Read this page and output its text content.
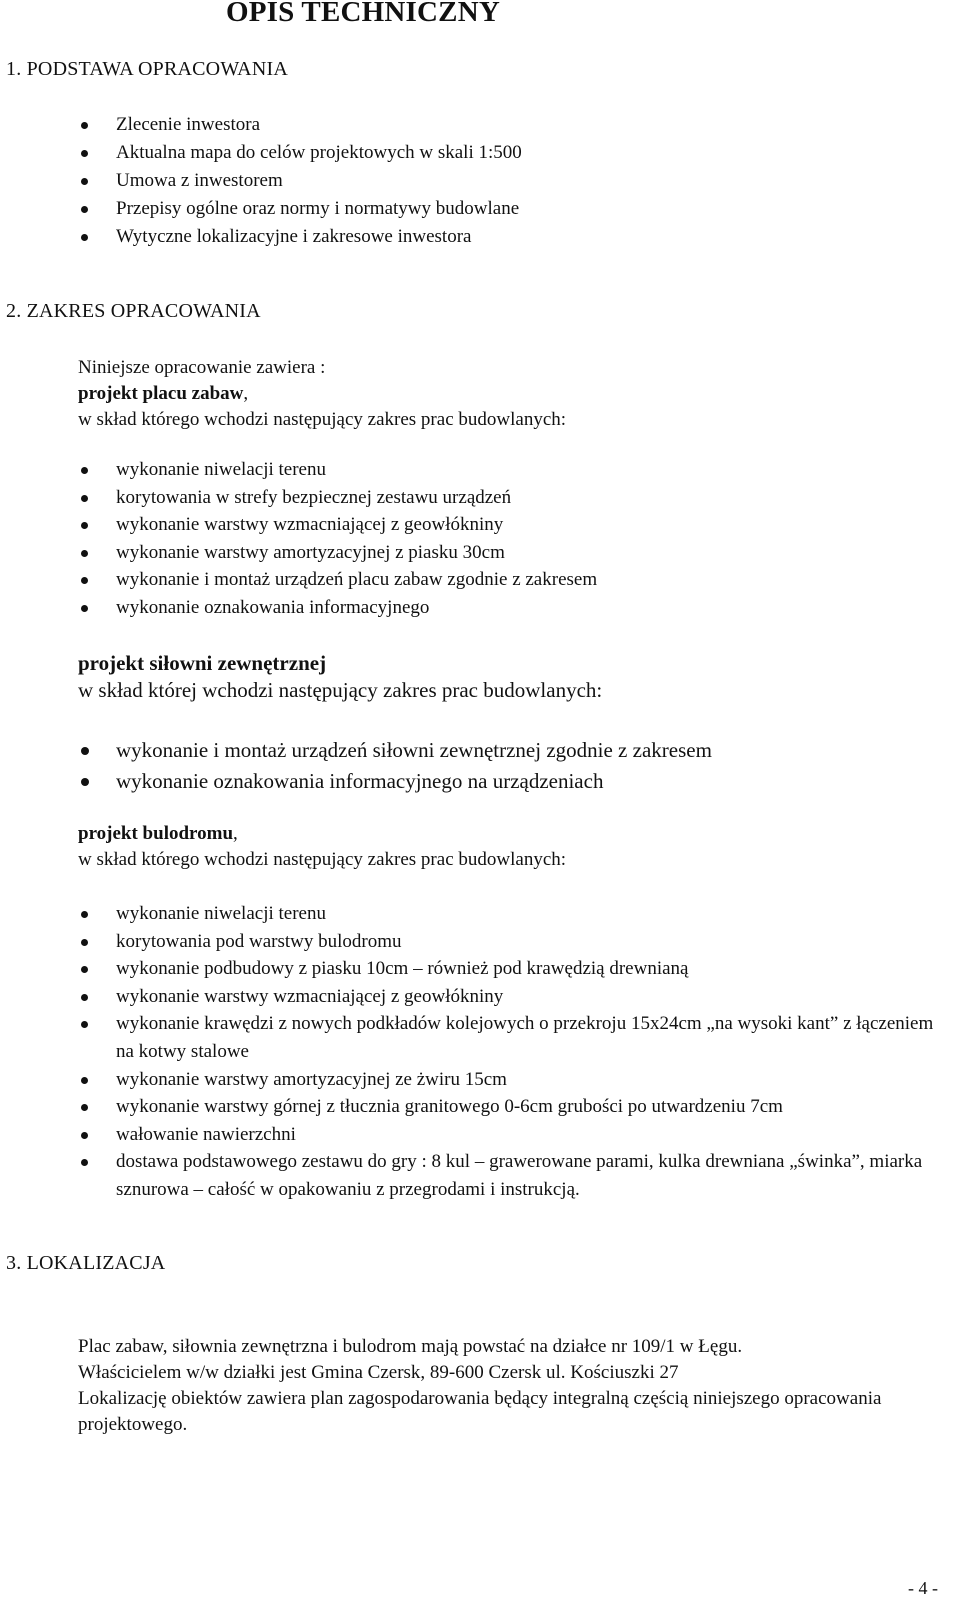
OPIS TECHNICZNY
1. PODSTAWA OPRACOWANIA
Zlecenie inwestora
Aktualna mapa do celów projektowych w skali 1:500
Umowa z inwestorem
Przepisy ogólne oraz normy i normatywy budowlane
Wytyczne lokalizacyjne i zakresowe inwestora
2. ZAKRES OPRACOWANIA
Niniejsze opracowanie zawiera :
projekt placu zabaw,
w skład którego wchodzi następujący zakres prac budowlanych:
wykonanie niwelacji terenu
korytowania w strefy bezpiecznej zestawu urządzeń
wykonanie warstwy wzmacniającej z geowłókniny
wykonanie warstwy amortyzacyjnej z piasku 30cm
wykonanie i montaż urządzeń placu zabaw zgodnie z zakresem
wykonanie oznakowania informacyjnego
projekt siłowni zewnętrznej
w skład której wchodzi następujący zakres prac budowlanych:
wykonanie i montaż urządzeń siłowni zewnętrznej zgodnie z zakresem
wykonanie oznakowania informacyjnego na urządzeniach
projekt bulodromu,
w skład którego wchodzi następujący zakres prac budowlanych:
wykonanie niwelacji terenu
korytowania pod warstwy bulodromu
wykonanie podbudowy z piasku 10cm – również pod krawędzią drewnianą
wykonanie warstwy wzmacniającej z geowłókniny
wykonanie krawędzi z nowych podkładów kolejowych o przekroju 15x24cm „na wysoki kant” z łączeniem na kotwy stalowe
wykonanie warstwy amortyzacyjnej ze żwiru 15cm
wykonanie warstwy górnej z tłucznia granitowego 0-6cm grubości po utwardzeniu 7cm
wałowanie nawierzchni
dostawa podstawowego zestawu do gry : 8 kul – grawerowane parami, kulka drewniana „świnka”, miarka sznurowa – całość w opakowaniu z przegrodami i instrukcją.
3. LOKALIZACJA
Plac zabaw, siłownia zewnętrzna i bulodrom mają powstać na działce nr 109/1 w Łęgu.
Właścicielem w/w działki jest Gmina Czersk, 89-600 Czersk ul. Kościuszki 27
Lokalizację obiektów zawiera plan zagospodarowania będący integralną częścią niniejszego opracowania projektowego.
- 4 -
